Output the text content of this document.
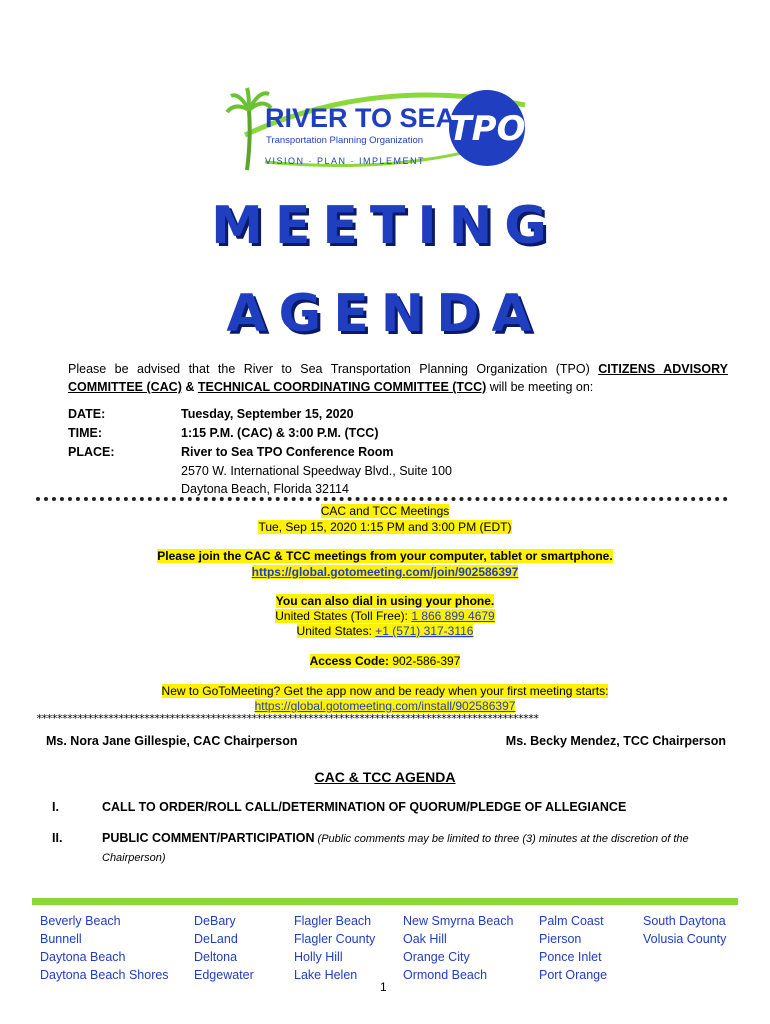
TPO
RIVER TO SEA
Transportation Planning Organization
VISION · PLAN · IMPLEMENT
MEETING
AGENDA
Please be advised that the River to Sea Transportation Planning Organization (TPO) CITIZENS ADVISORY COMMITTEE (CAC) & TECHNICAL COORDINATING COMMITTEE (TCC) will be meeting on:
DATE:	Tuesday, September 15, 2020
TIME:	1:15 P.M. (CAC) & 3:00 P.M. (TCC)
PLACE:	River to Sea TPO Conference Room
2570 W. International Speedway Blvd., Suite 100
Daytona Beach, Florida 32114
CAC and TCC Meetings
Tue, Sep 15, 2020 1:15 PM and 3:00 PM (EDT)
Please join the CAC & TCC meetings from your computer, tablet or smartphone.
https://global.gotomeeting.com/join/902586397
You can also dial in using your phone.
United States (Toll Free): 1 866 899 4679
United States: +1 (571) 317-3116
Access Code: 902-586-397
New to GoToMeeting? Get the app now and be ready when your first meeting starts:
https://global.gotomeeting.com/install/902586397
**************************************************************************************************
Ms. Nora Jane Gillespie, CAC Chairperson	Ms. Becky Mendez, TCC Chairperson
CAC & TCC AGENDA
I.	CALL TO ORDER/ROLL CALL/DETERMINATION OF QUORUM/PLEDGE OF ALLEGIANCE
II.	PUBLIC COMMENT/PARTICIPATION (Public comments may be limited to three (3) minutes at the discretion of the Chairperson)
Beverly Beach
Bunnell
Daytona Beach
Daytona Beach Shores
DeBary
DeLand
Deltona
Edgewater
Flagler Beach
Flagler County
Holly Hill
Lake Helen
New Smyrna Beach
Oak Hill
Orange City
Ormond Beach
Palm Coast
Pierson
Ponce Inlet
Port Orange
South Daytona
Volusia County
1
